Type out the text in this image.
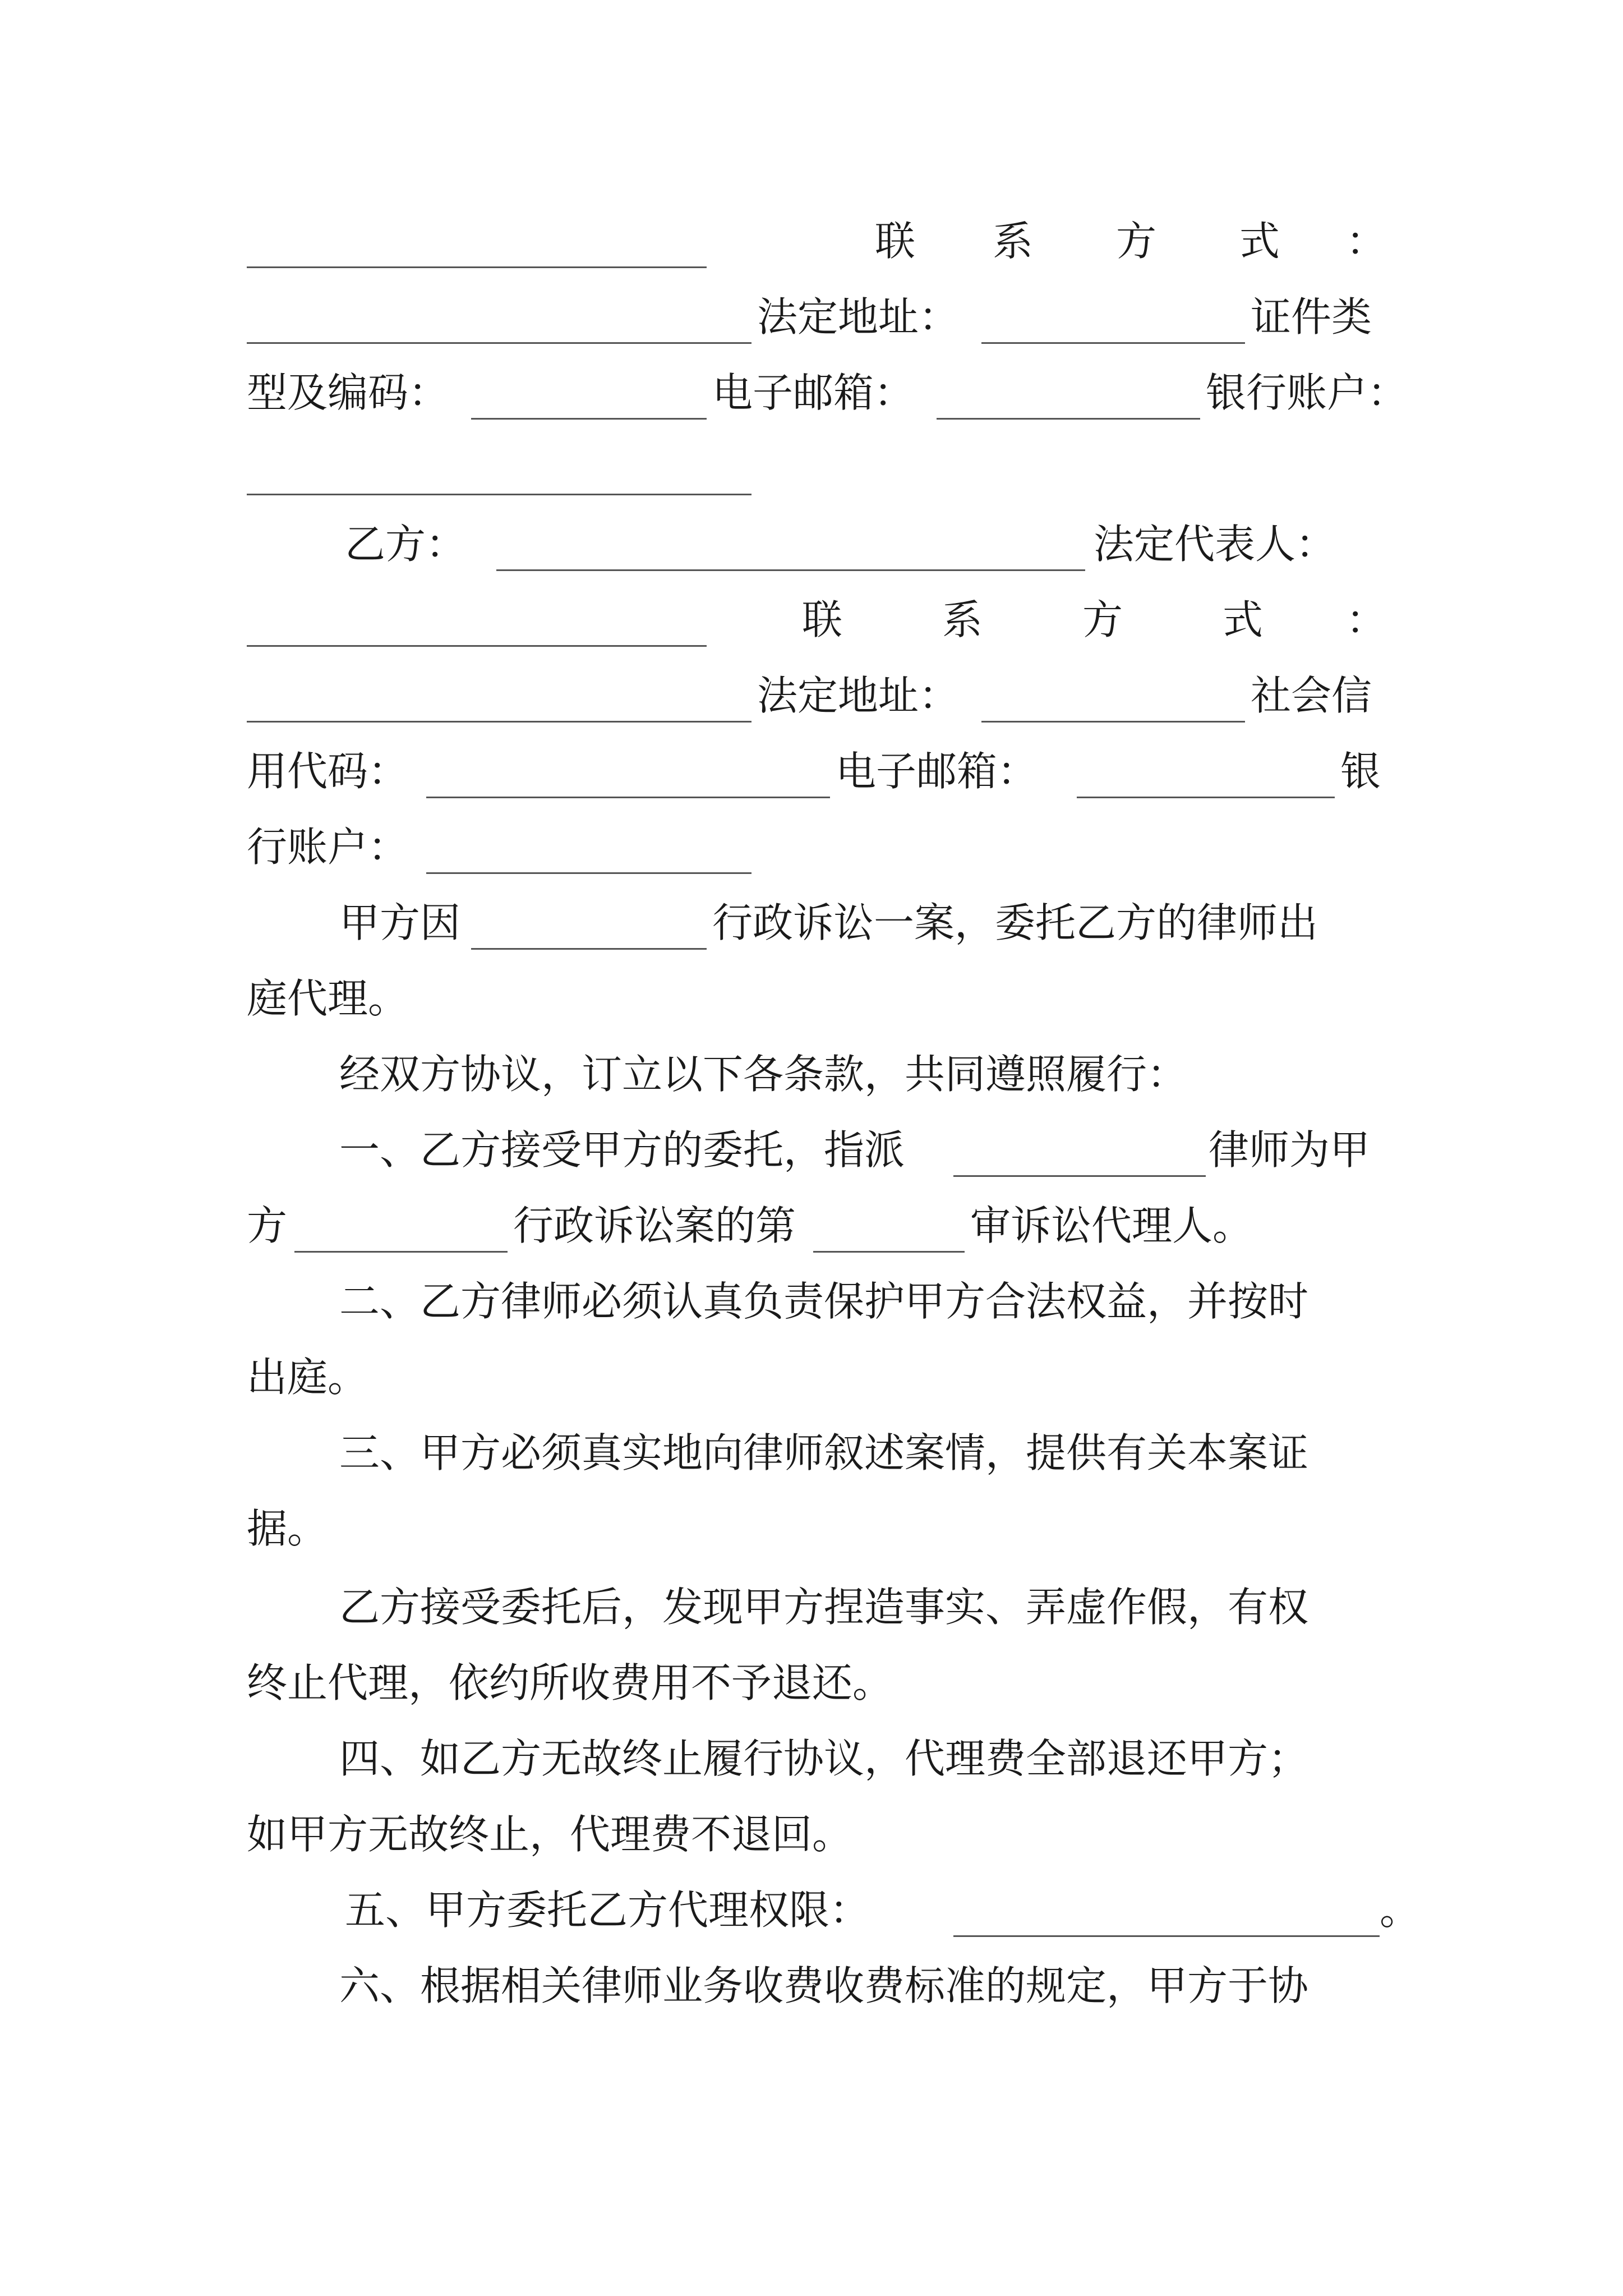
联 系 方 式 ：
法定地址：	证件类
型及编码：	电子邮箱：	银行账户：
乙方：	法定代表人：
联 系 方 式 ：
法定地址：	社会信
用代码：	电子邮箱：	银
行账户：
甲方因	行政诉讼一案，委托乙方的律师出
庭代理。
经双方协议，订立以下各条款，共同遵照履行：
一、乙方接受甲方的委托，指派	律师为甲
方	行政诉讼案的第	审诉讼代理人。
二、乙方律师必须认真负责保护甲方合法权益，并按时
出庭。
三、甲方必须真实地向律师叙述案情，提供有关本案证
据。
乙方接受委托后，发现甲方捏造事实、弄虚作假，有权
终止代理，依约所收费用不予退还。
四、如乙方无故终止履行协议，代理费全部退还甲方；
如甲方无故终止，代理费不退回。
五、甲方委托乙方代理权限：	。
六、根据相关律师业务收费收费标准的规定，甲方于协
